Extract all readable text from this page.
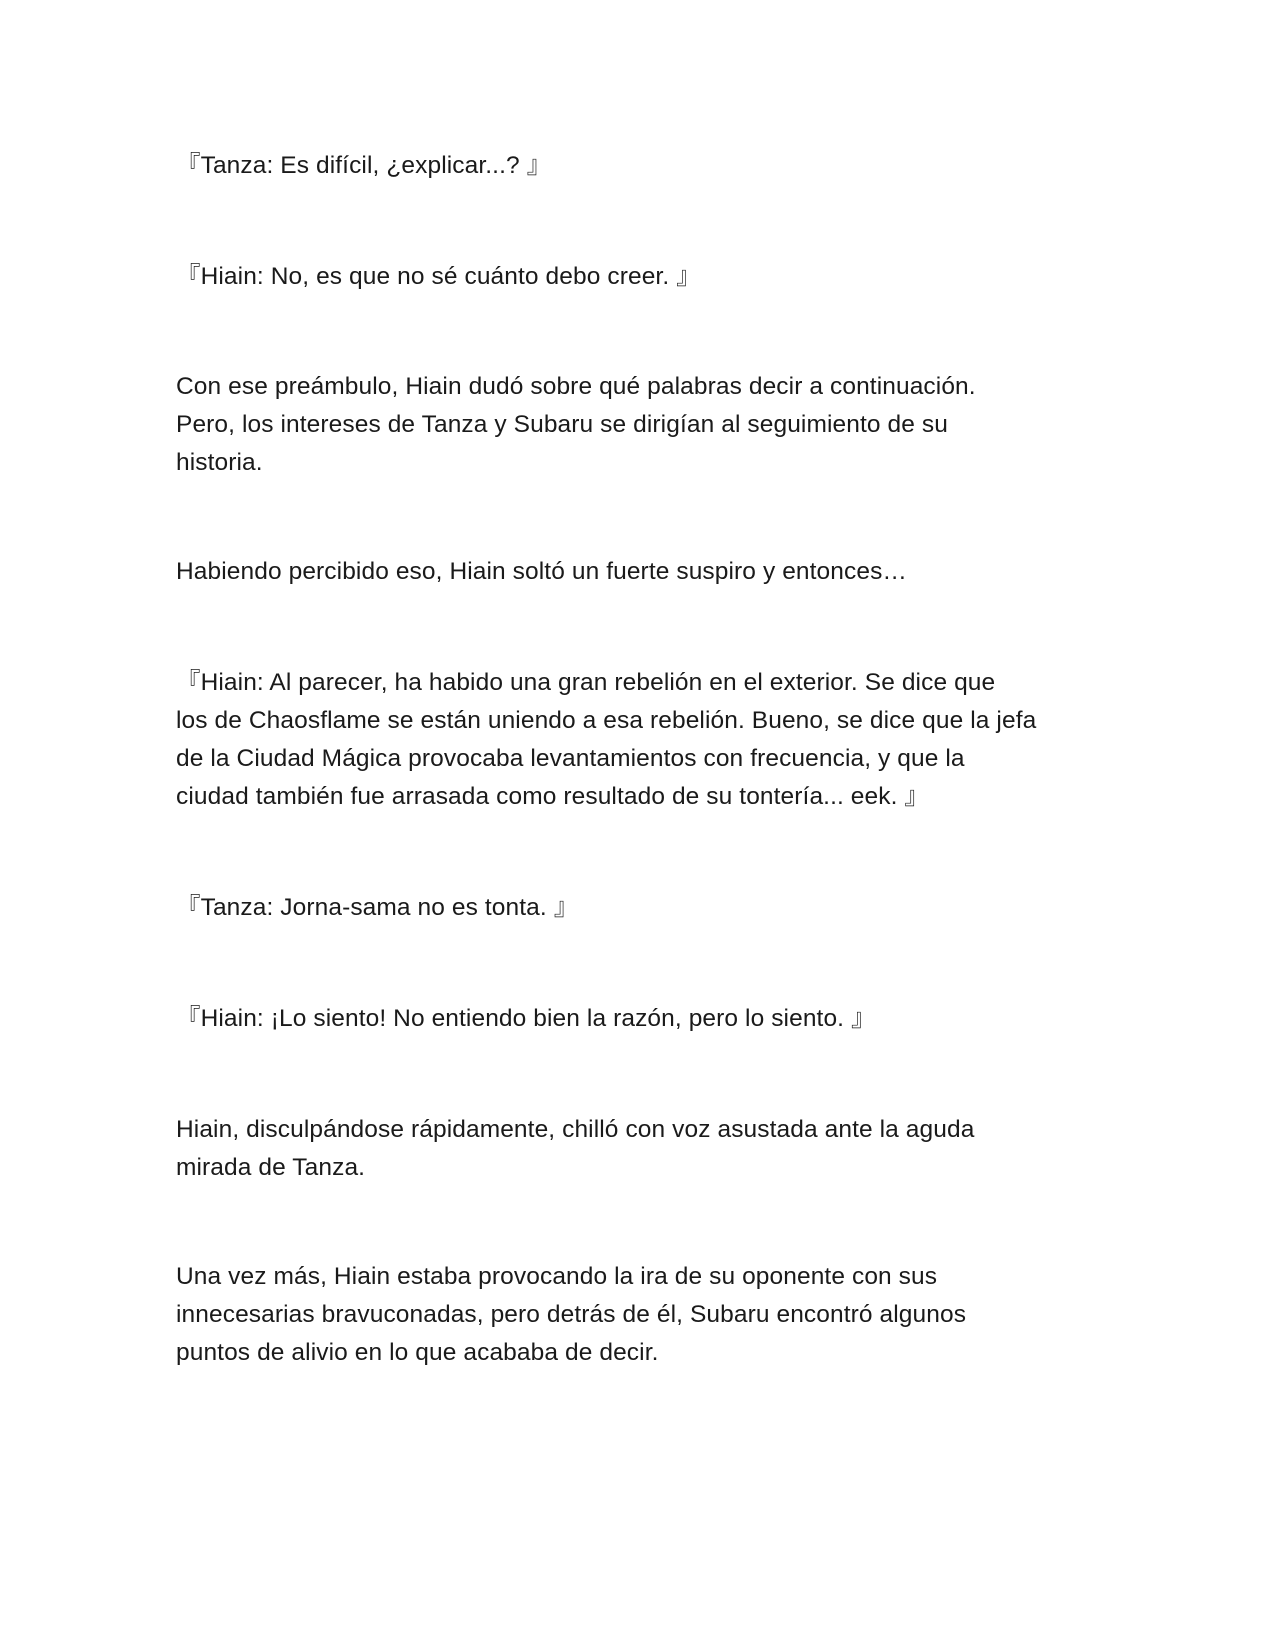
『Tanza: Es difícil, ¿explicar...? 』

『Hiain: No, es que no sé cuánto debo creer. 』

Con ese preámbulo, Hiain dudó sobre qué palabras decir a continuación.
Pero, los intereses de Tanza y Subaru se dirigían al seguimiento de su
historia.

Habiendo percibido eso, Hiain soltó un fuerte suspiro y entonces…

『Hiain: Al parecer, ha habido una gran rebelión en el exterior. Se dice que
los de Chaosflame se están uniendo a esa rebelión. Bueno, se dice que la jefa
de la Ciudad Mágica provocaba levantamientos con frecuencia, y que la
ciudad también fue arrasada como resultado de su tontería... eek. 』

『Tanza: Jorna-sama no es tonta. 』

『Hiain: ¡Lo siento! No entiendo bien la razón, pero lo siento. 』

Hiain, disculpándose rápidamente, chilló con voz asustada ante la aguda
mirada de Tanza.

Una vez más, Hiain estaba provocando la ira de su oponente con sus
innecesarias bravuconadas, pero detrás de él, Subaru encontró algunos
puntos de alivio en lo que acababa de decir.
